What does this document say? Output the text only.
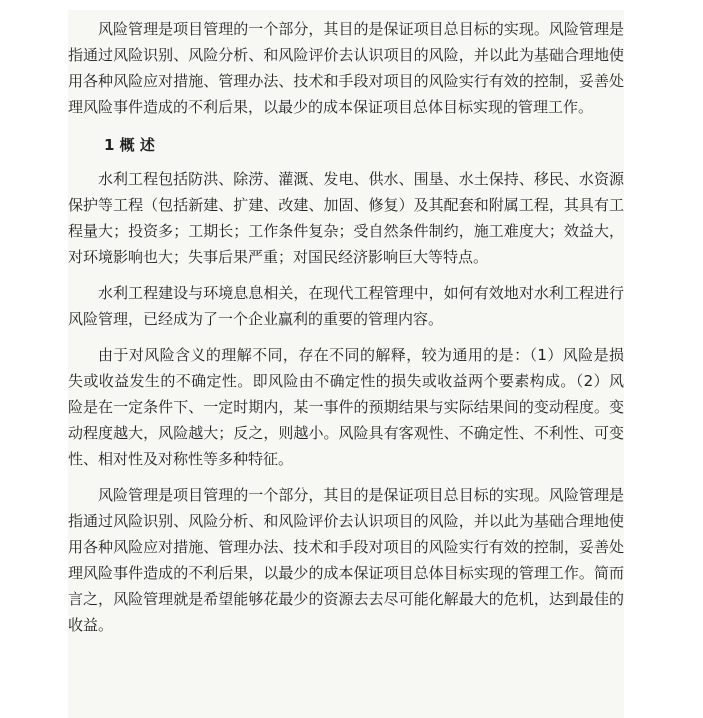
风险管理是项目管理的一个部分，其目的是保证项目总目标的实现。风险管理是指通过风险识别、风险分析、和风险评价去认识项目的风险，并以此为基础合理地使用各种风险应对措施、管理办法、技术和手段对项目的风险实行有效的控制，妥善处理风险事件造成的不利后果，以最少的成本保证项目总体目标实现的管理工作。

1 概 述

水利工程包括防洪、除涝、灌溉、发电、供水、围垦、水土保持、移民、水资源保护等工程（包括新建、扩建、改建、加固、修复）及其配套和附属工程，其具有工程量大；投资多；工期长；工作条件复杂；受自然条件制约，施工难度大；效益大，对环境影响也大；失事后果严重；对国民经济影响巨大等特点。

水利工程建设与环境息息相关，在现代工程管理中，如何有效地对水利工程进行风险管理，已经成为了一个企业赢利的重要的管理内容。

由于对风险含义的理解不同，存在不同的解释，较为通用的是：（1）风险是损失或收益发生的不确定性。即风险由不确定性的损失或收益两个要素构成。（2）风险是在一定条件下、一定时期内，某一事件的预期结果与实际结果间的变动程度。变动程度越大，风险越大；反之，则越小。风险具有客观性、不确定性、不利性、可变性、相对性及对称性等多种特征。

风险管理是项目管理的一个部分，其目的是保证项目总目标的实现。风险管理是指通过风险识别、风险分析、和风险评价去认识项目的风险，并以此为基础合理地使用各种风险应对措施、管理办法、技术和手段对项目的风险实行有效的控制，妥善处理风险事件造成的不利后果，以最少的成本保证项目总体目标实现的管理工作。简而言之，风险管理就是希望能够花最少的资源去去尽可能化解最大的危机，达到最佳的收益。
